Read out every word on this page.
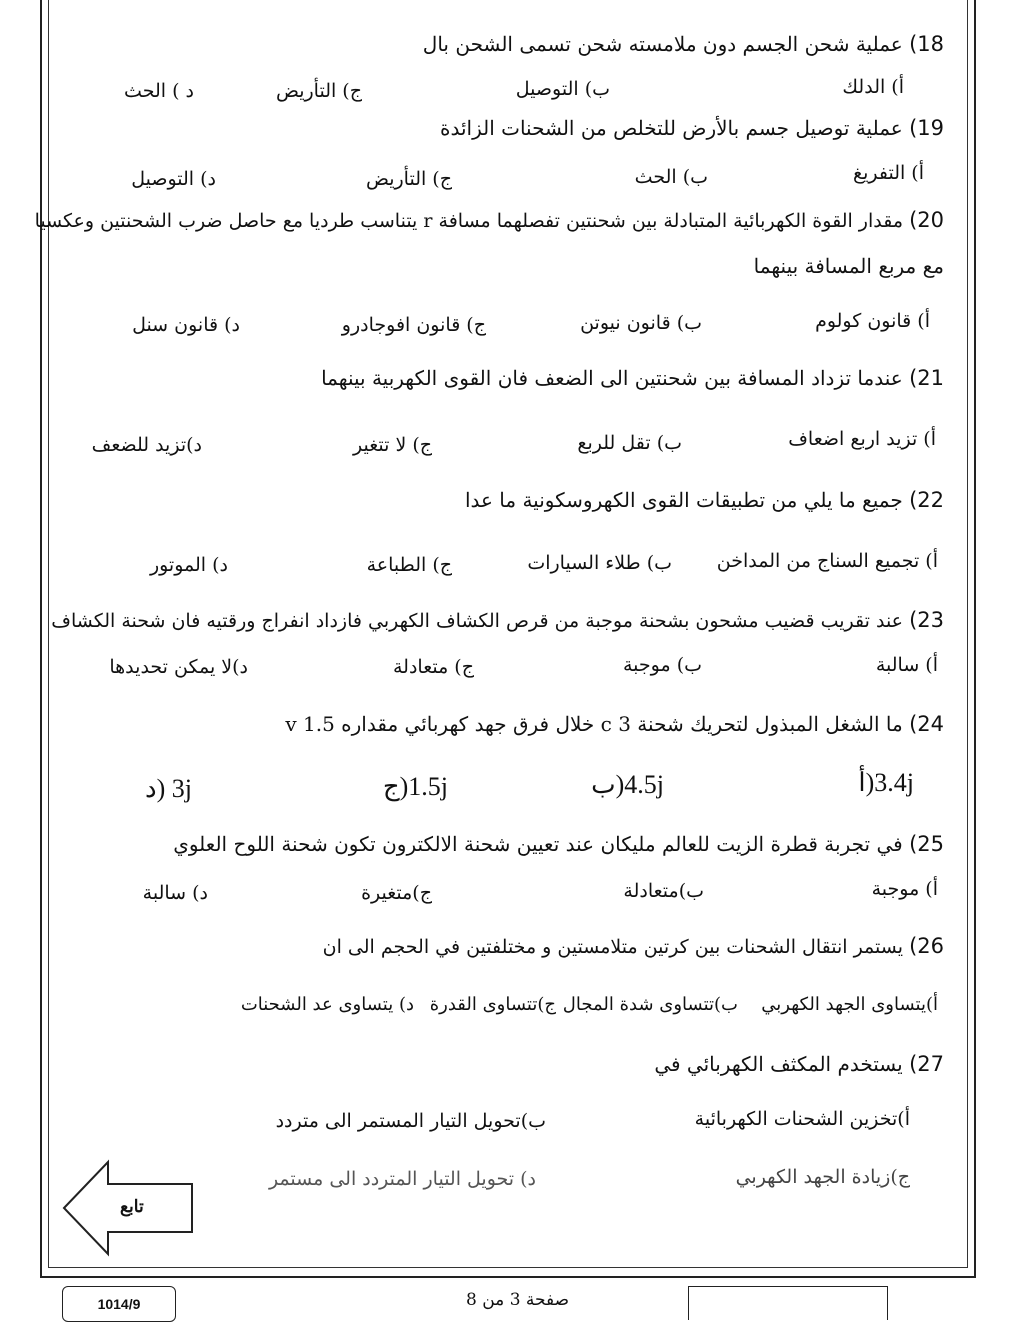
18) عملية شحن الجسم دون ملامسته شحن تسمى الشحن بال
أ) الدلك
ب) التوصيل
ج) التأريض
د ) الحث
19) عملية توصيل جسم بالأرض للتخلص من الشحنات الزائدة
أ) التفريغ
ب) الحث
ج) التأريض
د) التوصيل
20) مقدار القوة الكهربائية المتبادلة بين شحنتين تفصلهما مسافة r يتناسب طرديا مع حاصل ضرب الشحنتين وعكسيا
مع مربع المسافة بينهما
أ) قانون كولوم
ب) قانون نيوتن
ج) قانون افوجادرو
د) قانون سنل
21) عندما تزداد المسافة بين شحنتين الى الضعف فان القوى الكهربية بينهما
أ) تزيد اربع اضعاف
ب) تقل للربع
ج) لا تتغير
د)تزيد للضعف
22) جميع ما يلي من تطبيقات القوى الكهروسكونية ما عدا
أ) تجميع السناج من المداخن
ب) طلاء السيارات
ج) الطباعة
د) الموتور
23) عند تقريب قضيب مشحون بشحنة موجبة من قرص الكشاف الكهربي فازداد انفراج ورقتيه فان شحنة الكشاف
أ) سالبة
ب) موجبة
ج) متعادلة
د)لا يمكن تحديدها
24) ما الشغل المبذول لتحريك شحنة 3 c خلال فرق جهد كهربائي مقداره 1.5 v
3.4j(أ
4.5j(ب
1.5j(ج
3j (د
25) في تجربة قطرة الزيت للعالم مليكان عند تعيين شحنة الالكترون تكون شحنة اللوح العلوي
أ) موجبة
ب)متعادلة
ج)متغيرة
د) سالبة
26) يستمر انتقال الشحنات بين كرتين متلامستين و مختلفتين في الحجم الى ان
أ)يتساوى الجهد الكهربي
ب)تتساوى شدة المجال
ج)تتساوى القدرة
د) يتساوى عد الشحنات
27) يستخدم المكثف الكهربائي في
أ)تخزين الشحنات الكهربائية
ب)تحويل التيار المستمر الى متردد
ج)زيادة الجهد الكهربي
د) تحويل التيار المتردد الى مستمر
تابع
1014/9	صفحة 3 من 8
